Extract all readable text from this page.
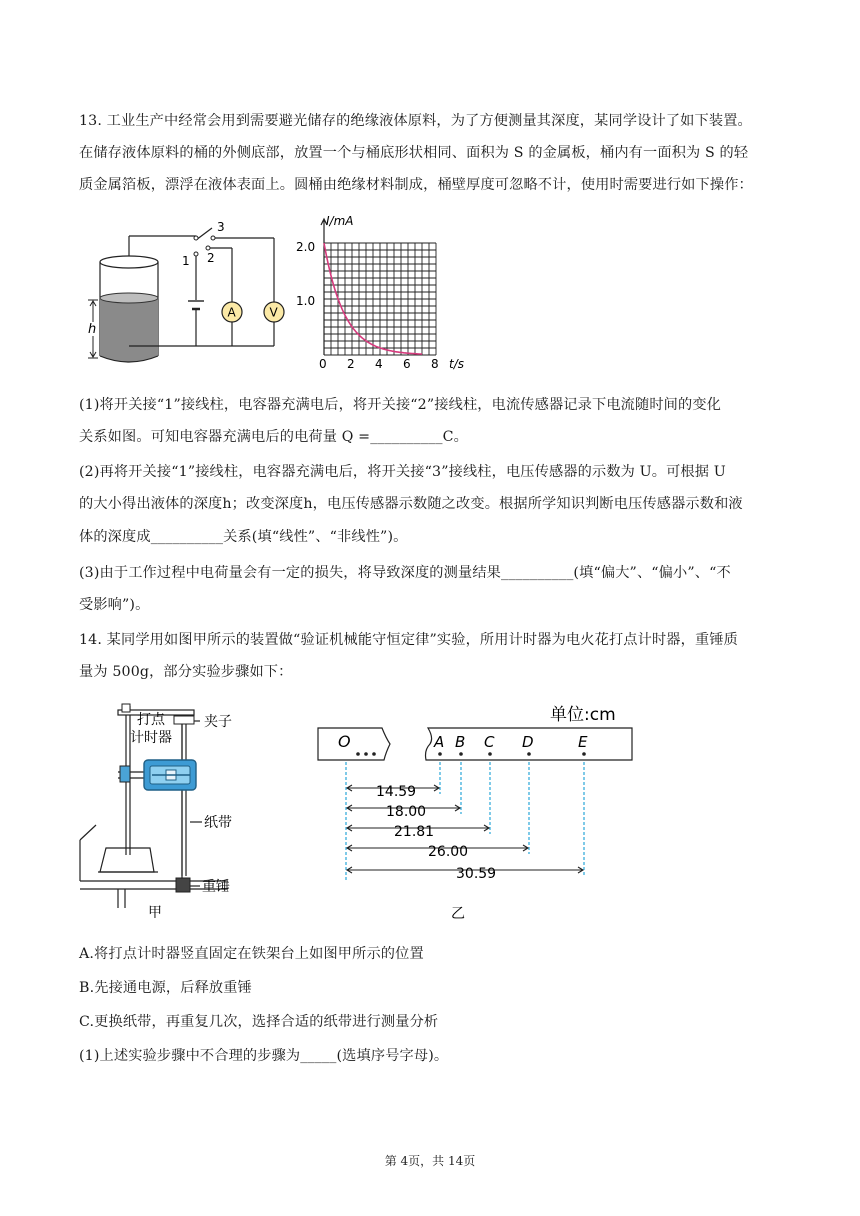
13. 工业生产中经常会用到需要避光储存的绝缘液体原料，为了方便测量其深度，某同学设计了如下装置。
在储存液体原料的桶的外侧底部，放置一个与桶底形状相同、面积为 S 的金属板，桶内有一面积为 S 的轻
质金属箔板，漂浮在液体表面上。圆桶由绝缘材料制成，桶壁厚度可忽略不计，使用时需要进行如下操作：
h
A	V
1 2
3	I/mA
2.0
1.0
0 2 4 6 8 t/s
(1)将开关接“1”接线柱，电容器充满电后，将开关接“2”接线柱，电流传感器记录下电流随时间的变化
关系如图。可知电容器充满电后的电荷量 Q =__________C。
(2)再将开关接“1”接线柱，电容器充满电后，将开关接“3”接线柱，电压传感器的示数为 U。可根据 U
的大小得出液体的深度h；改变深度h，电压传感器示数随之改变。根据所学知识判断电压传感器示数和液
体的深度成__________关系(填“线性”、“非线性”)。
(3)由于工作过程中电荷量会有一定的损失，将导致深度的测量结果__________(填“偏大”、“偏小”、“不
受影响”)。
14. 某同学用如图甲所示的装置做“验证机械能守恒定律”实验，所用计时器为电火花打点计时器，重锤质
量为 500g，部分实验步骤如下：
打点
计时器
夹子
纸带
重锤
甲
单位:cm
O	A B C D	E
14.59
18.00
21.81
26.00
30.59
乙
A.将打点计时器竖直固定在铁架台上如图甲所示的位置
B.先接通电源，后释放重锤
C.更换纸带，再重复几次，选择合适的纸带进行测量分析
(1)上述实验步骤中不合理的步骤为_____(选填序号字母)。
第 4页，共 14页
